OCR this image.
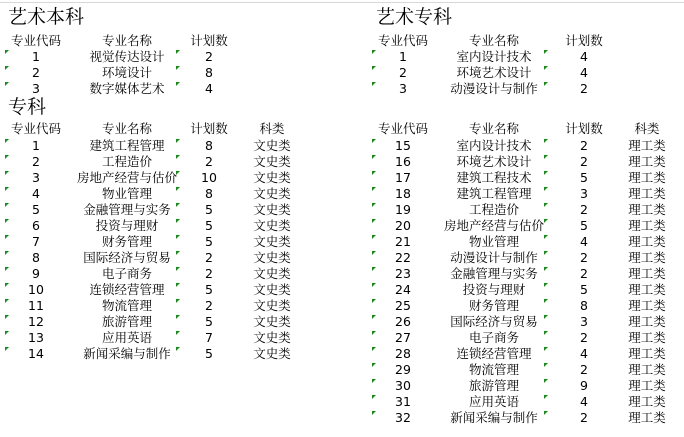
艺术本科	艺术专科
专科
专业代码	专业名称	计划数
1	视觉传达设计	2
2	环境设计	8
3	数字媒体艺术	4
专业代码	专业名称	计划数
1	室内设计技术	4
2	环境艺术设计	4
3	动漫设计与制作	2
专业代码	专业名称	计划数	科类
1	建筑工程管理	8	文史类
2	工程造价	2	文史类
3	房地产经营与估价	10	文史类
4	物业管理	8	文史类
5	金融管理与实务	5	文史类
6	投资与理财	5	文史类
7	财务管理	5	文史类
8	国际经济与贸易	2	文史类
9	电子商务	2	文史类
10	连锁经营管理	5	文史类
11	物流管理	2	文史类
12	旅游管理	5	文史类
13	应用英语	7	文史类
14	新闻采编与制作	5	文史类
专业代码	专业名称	计划数	科类
15	室内设计技术	2	理工类
16	环境艺术设计	2	理工类
17	建筑工程技术	5	理工类
18	建筑工程管理	3	理工类
19	工程造价	2	理工类
20	房地产经营与估价	5	理工类
21	物业管理	4	理工类
22	动漫设计与制作	2	理工类
23	金融管理与实务	2	理工类
24	投资与理财	5	理工类
25	财务管理	8	理工类
26	国际经济与贸易	3	理工类
27	电子商务	2	理工类
28	连锁经营管理	4	理工类
29	物流管理	2	理工类
30	旅游管理	9	理工类
31	应用英语	4	理工类
32	新闻采编与制作	2	理工类
